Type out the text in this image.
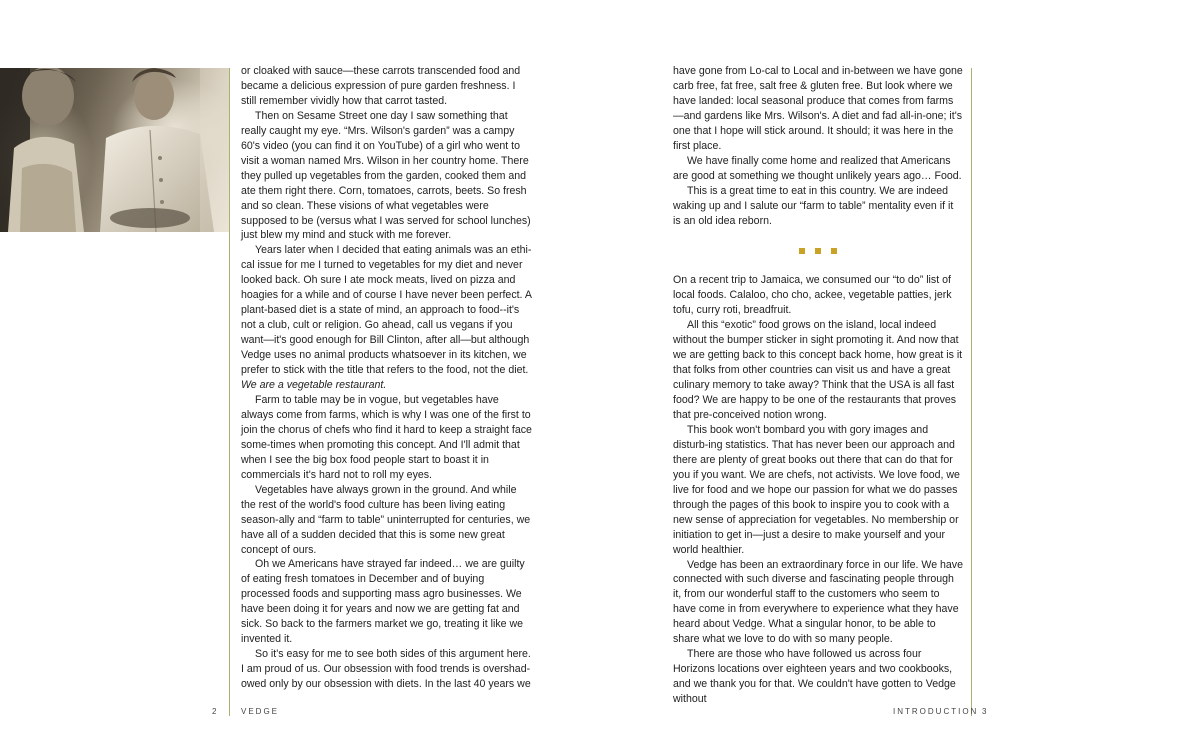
or cloaked with sauce—these carrots transcended food and became a delicious expression of pure garden freshness. I still remember vividly how that carrot tasted.

Then on Sesame Street one day I saw something that really caught my eye. “Mrs. Wilson's garden” was a campy 60's video (you can find it on YouTube) of a girl who went to visit a woman named Mrs. Wilson in her country home. There they pulled up vegetables from the garden, cooked them and ate them right there. Corn, tomatoes, carrots, beets. So fresh and so clean. These visions of what vegetables were supposed to be (versus what I was served for school lunches) just blew my mind and stuck with me forever.

Years later when I decided that eating animals was an ethi-cal issue for me I turned to vegetables for my diet and never looked back. Oh sure I ate mock meats, lived on pizza and hoagies for a while and of course I have never been perfect. A plant-based diet is a state of mind, an approach to food--it's not a club, cult or religion. Go ahead, call us vegans if you want—it's good enough for Bill Clinton, after all—but although Vedge uses no animal products whatsoever in its kitchen, we prefer to stick with the title that refers to the food, not the diet.

We are a vegetable restaurant.

Farm to table may be in vogue, but vegetables have always come from farms, which is why I was one of the first to join the chorus of chefs who find it hard to keep a straight face some-times when promoting this concept. And I'll admit that when I see the big box food people start to boast it in commercials it's hard not to roll my eyes.

Vegetables have always grown in the ground. And while the rest of the world's food culture has been living eating season-ally and “farm to table” uninterrupted for centuries, we have all of a sudden decided that this is some new great concept of ours.

Oh we Americans have strayed far indeed… we are guilty of eating fresh tomatoes in December and of buying processed foods and supporting mass agro businesses. We have been doing it for years and now we are getting fat and sick. So back to the farmers market we go, treating it like we invented it.

So it's easy for me to see both sides of this argument here. I am proud of us. Our obsession with food trends is overshad-owed only by our obsession with diets. In the last 40 years we

have gone from Lo-cal to Local and in-between we have gone carb free, fat free, salt free & gluten free. But look where we have landed: local seasonal produce that comes from farms—and gardens like Mrs. Wilson's. A diet and fad all-in-one; it's one that I hope will stick around. It should; it was here in the first place.

We have finally come home and realized that Americans are good at something we thought unlikely years ago… Food.

This is a great time to eat in this country. We are indeed waking up and I salute our “farm to table” mentality even if it is an old idea reborn.

On a recent trip to Jamaica, we consumed our “to do” list of local foods. Calaloo, cho cho, ackee, vegetable patties, jerk tofu, curry roti, breadfruit.

All this “exotic” food grows on the island, local indeed without the bumper sticker in sight promoting it. And now that we are getting back to this concept back home, how great is it that folks from other countries can visit us and have a great culinary memory to take away? Think that the USA is all fast food? We are happy to be one of the restaurants that proves that pre-conceived notion wrong.

This book won't bombard you with gory images and disturb-ing statistics. That has never been our approach and there are plenty of great books out there that can do that for you if you want. We are chefs, not activists. We love food, we live for food and we hope our passion for what we do passes through the pages of this book to inspire you to cook with a new sense of appreciation for vegetables. No membership or initiation to get in—just a desire to make yourself and your world healthier.

Vedge has been an extraordinary force in our life. We have connected with such diverse and fascinating people through it, from our wonderful staff to the customers who seem to have come in from everywhere to experience what they have heard about Vedge. What a singular honor, to be able to share what we love to do with so many people.

There are those who have followed us across four Horizons locations over eighteen years and two cookbooks, and we thank you for that. We couldn't have gotten to Vedge without

2	VEDGE	INTRODUCTION 3
